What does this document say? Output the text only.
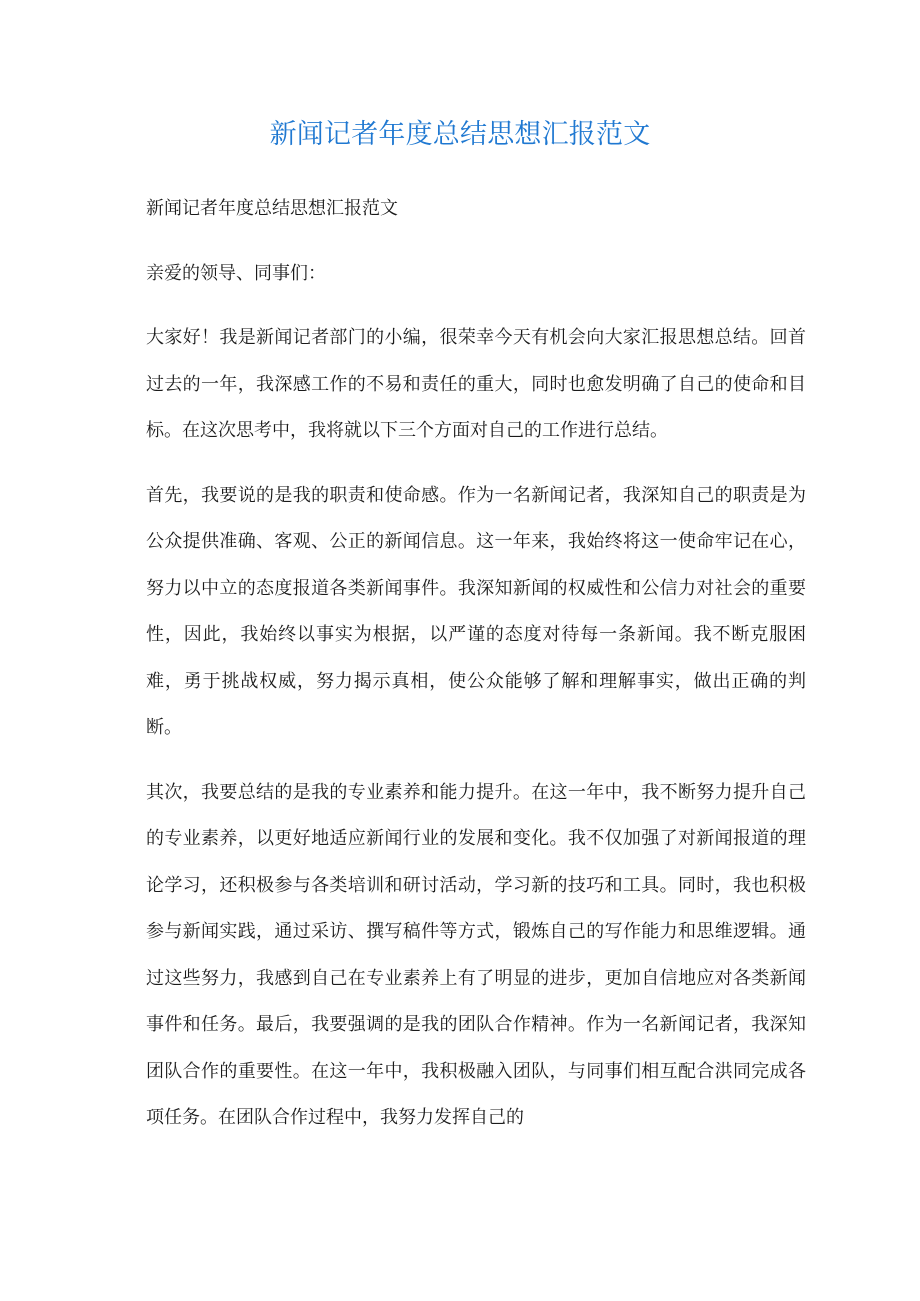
新闻记者年度总结思想汇报范文

新闻记者年度总结思想汇报范文

亲爱的领导、同事们：

大家好！我是新闻记者部门的小编，很荣幸今天有机会向大家汇报思想总结。回首过去的一年，我深感工作的不易和责任的重大，同时也愈发明确了自己的使命和目标。在这次思考中，我将就以下三个方面对自己的工作进行总结。

首先，我要说的是我的职责和使命感。作为一名新闻记者，我深知自己的职责是为公众提供准确、客观、公正的新闻信息。这一年来，我始终将这一使命牢记在心，努力以中立的态度报道各类新闻事件。我深知新闻的权威性和公信力对社会的重要性，因此，我始终以事实为根据，以严谨的态度对待每一条新闻。我不断克服困难，勇于挑战权威，努力揭示真相，使公众能够了解和理解事实，做出正确的判断。

其次，我要总结的是我的专业素养和能力提升。在这一年中，我不断努力提升自己的专业素养，以更好地适应新闻行业的发展和变化。我不仅加强了对新闻报道的理论学习，还积极参与各类培训和研讨活动，学习新的技巧和工具。同时，我也积极参与新闻实践，通过采访、撰写稿件等方式，锻炼自己的写作能力和思维逻辑。通过这些努力，我感到自己在专业素养上有了明显的进步，更加自信地应对各类新闻事件和任务。最后，我要强调的是我的团队合作精神。作为一名新闻记者，我深知团队合作的重要性。在这一年中，我积极融入团队，与同事们相互配合洪同完成各项任务。在团队合作过程中，我努力发挥自己的
